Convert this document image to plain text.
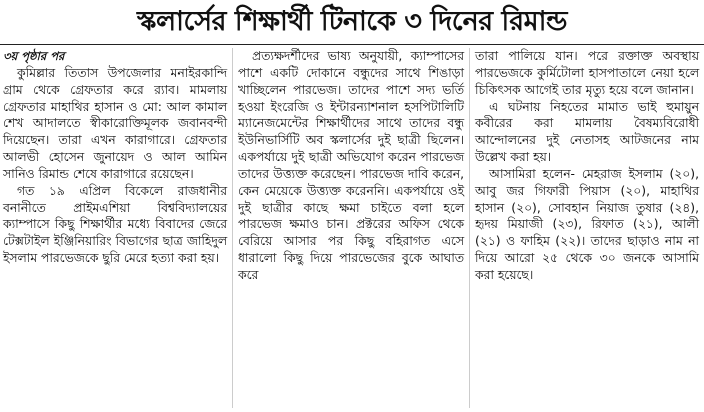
স্কলার্সের শিক্ষার্থী টিনাকে ৩ দিনের রিমান্ড

৩য় পৃষ্ঠার পর

কুমিল্লার তিতাস উপজেলার মনাইরকান্দি গ্রাম থেকে গ্রেফতার করে র‍্যাব। মামলায় গ্রেফতার মাহাথির হাসান ও মো: আল কামাল শেখ আদালতে স্বীকারোক্তিমূলক জবানবন্দী দিয়েছেন। তারা এখন কারাগারে। গ্রেফতার আলভী হোসেন জুনায়েদ ও আল আমিন সানিও রিমান্ড শেষে কারাগারে রয়েছেন।

গত ১৯ এপ্রিল বিকেলে রাজধানীর বনানীতে প্রাইমএশিয়া বিশ্ববিদ্যালয়ের ক্যাম্পাসে কিছু শিক্ষার্থীর মধ্যে বিবাদের জেরে টেক্সটাইল ইঞ্জিনিয়ারিং বিভাগের ছাত্র জাহিদুল ইসলাম পারভেজকে ছুরি মেরে হত্যা করা হয়।

প্রত্যক্ষদর্শীদের ভাষ্য অনুযায়ী, ক্যাম্পাসের পাশে একটি দোকানে বন্ধুদের সাথে শিঙাড়া খাচ্ছিলেন পারভেজ। তাদের পাশে সদ্য ভর্তি হওয়া ইংরেজি ও ইন্টারন্যাশনাল হসপিটালিটি ম্যানেজমেন্টের শিক্ষার্থীদের সাথে তাদের বন্ধু ইউনিভার্সিটি অব স্কলার্সের দুই ছাত্রী ছিলেন। একপর্যায়ে দুই ছাত্রী অভিযোগ করেন পারভেজ তাদের উত্ত্যক্ত করেছেন। পারভেজ দাবি করেন, কেন মেয়েকে উত্ত্যক্ত করেননি। একপর্যায়ে ওই দুই ছাত্রীর কাছে ক্ষমা চাইতে বলা হলে পারভেজ ক্ষমাও চান। প্রক্টরের অফিস থেকে বেরিয়ে আসার পর কিছু বহিরাগত এসে ধারালো কিছু দিয়ে পারভেজের বুকে আঘাত করে

তারা পালিয়ে যান। পরে রক্তাক্ত অবস্থায় পারভেজকে কুর্মিটোলা হাসপাতালে নেয়া হলে চিকিৎসক আগেই তার মৃত্যু হয়ে বলে জানান।

এ ঘটনায় নিহতের মামাত ভাই হুমায়ুন কবীরের করা মামলায় বৈষম্যবিরোধী আন্দোলনের দুই নেতাসহ আটজনের নাম উল্লেখ করা হয়।

আসামিরা হলেন- মেহরাজ ইসলাম (২০), আবু জর গিফারী পিয়াস (২০), মাহাথির হাসান (২০), সোবহান নিয়াজ তুষার (২৪), হৃদয় মিয়াজী (২৩), রিফাত (২১), আলী (২১) ও ফাহিম (২২)। তাদের ছাড়াও নাম না দিয়ে আরো ২৫ থেকে ৩০ জনকে আসামি করা হয়েছে।
